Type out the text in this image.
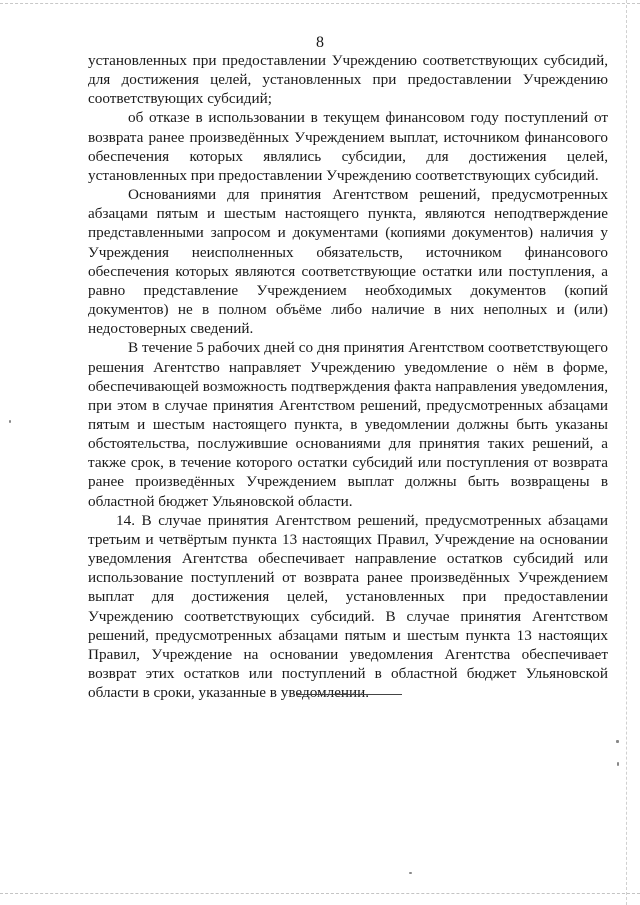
8

установленных при предоставлении Учреждению соответствующих субсидий, для достижения целей, установленных при предоставлении Учреждению соответствующих субсидий;

об отказе в использовании в текущем финансовом году поступлений от возврата ранее произведённых Учреждением выплат, источником финансового обеспечения которых являлись субсидии, для достижения целей, установленных при предоставлении Учреждению соответствующих субсидий.

Основаниями для принятия Агентством решений, предусмотренных абзацами пятым и шестым настоящего пункта, являются неподтверждение представленными запросом и документами (копиями документов) наличия у Учреждения неисполненных обязательств, источником финансового обеспечения которых являются соответствующие остатки или поступления, а равно представление Учреждением необходимых документов (копий документов) не в полном объёме либо наличие в них неполных и (или) недостоверных сведений.

В течение 5 рабочих дней со дня принятия Агентством соответствующего решения Агентство направляет Учреждению уведомление о нём в форме, обеспечивающей возможность подтверждения факта направления уведомления, при этом в случае принятия Агентством решений, предусмотренных абзацами пятым и шестым настоящего пункта, в уведомлении должны быть указаны обстоятельства, послужившие основаниями для принятия таких решений, а также срок, в течение которого остатки субсидий или поступления от возврата ранее произведённых Учреждением выплат должны быть возвращены в областной бюджет Ульяновской области.

14. В случае принятия Агентством решений, предусмотренных абзацами третьим и четвёртым пункта 13 настоящих Правил, Учреждение на основании уведомления Агентства обеспечивает направление остатков субсидий или использование поступлений от возврата ранее произведённых Учреждением выплат для достижения целей, установленных при предоставлении Учреждению соответствующих субсидий. В случае принятия Агентством решений, предусмотренных абзацами пятым и шестым пункта 13 настоящих Правил, Учреждение на основании уведомления Агентства обеспечивает возврат этих остатков или поступлений в областной бюджет Ульяновской области в сроки, указанные в уведомлении.
